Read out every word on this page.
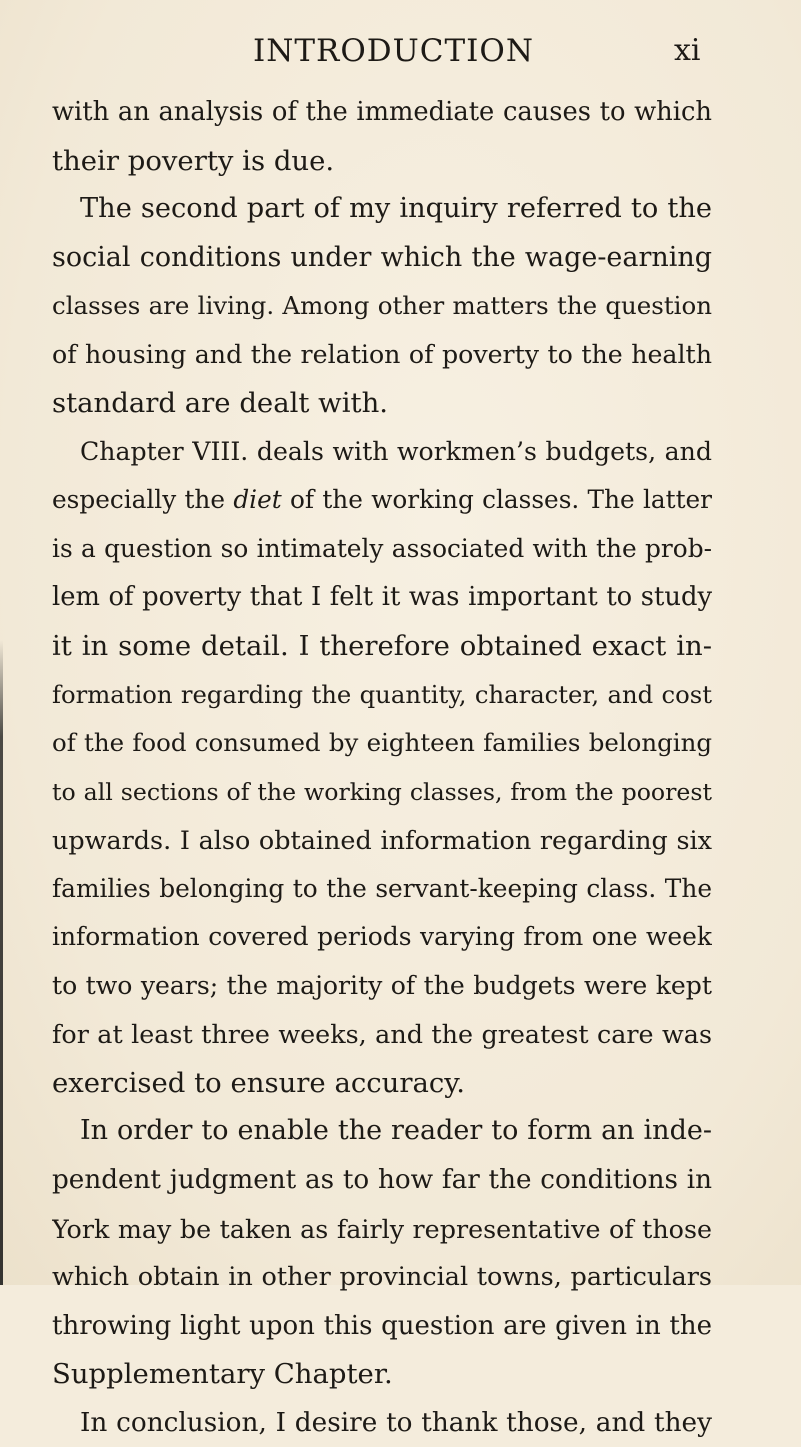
INTRODUCTION	xi
with an analysis of the immediate causes to which
their poverty is due.
The second part of my inquiry referred to the
social conditions under which the wage-earning
classes are living. Among other matters the question
of housing and the relation of poverty to the health
standard are dealt with.
Chapter VIII. deals with workmen’s budgets, and
especially the diet of the working classes. The latter
is a question so intimately associated with the prob-
lem of poverty that I felt it was important to study
it in some detail. I therefore obtained exact in-
formation regarding the quantity, character, and cost
of the food consumed by eighteen families belonging
to all sections of the working classes, from the poorest
upwards. I also obtained information regarding six
families belonging to the servant-keeping class. The
information covered periods varying from one week
to two years; the majority of the budgets were kept
for at least three weeks, and the greatest care was
exercised to ensure accuracy.
In order to enable the reader to form an inde-
pendent judgment as to how far the conditions in
York may be taken as fairly representative of those
which obtain in other provincial towns, particulars
throwing light upon this question are given in the
Supplementary Chapter.
In conclusion, I desire to thank those, and they
